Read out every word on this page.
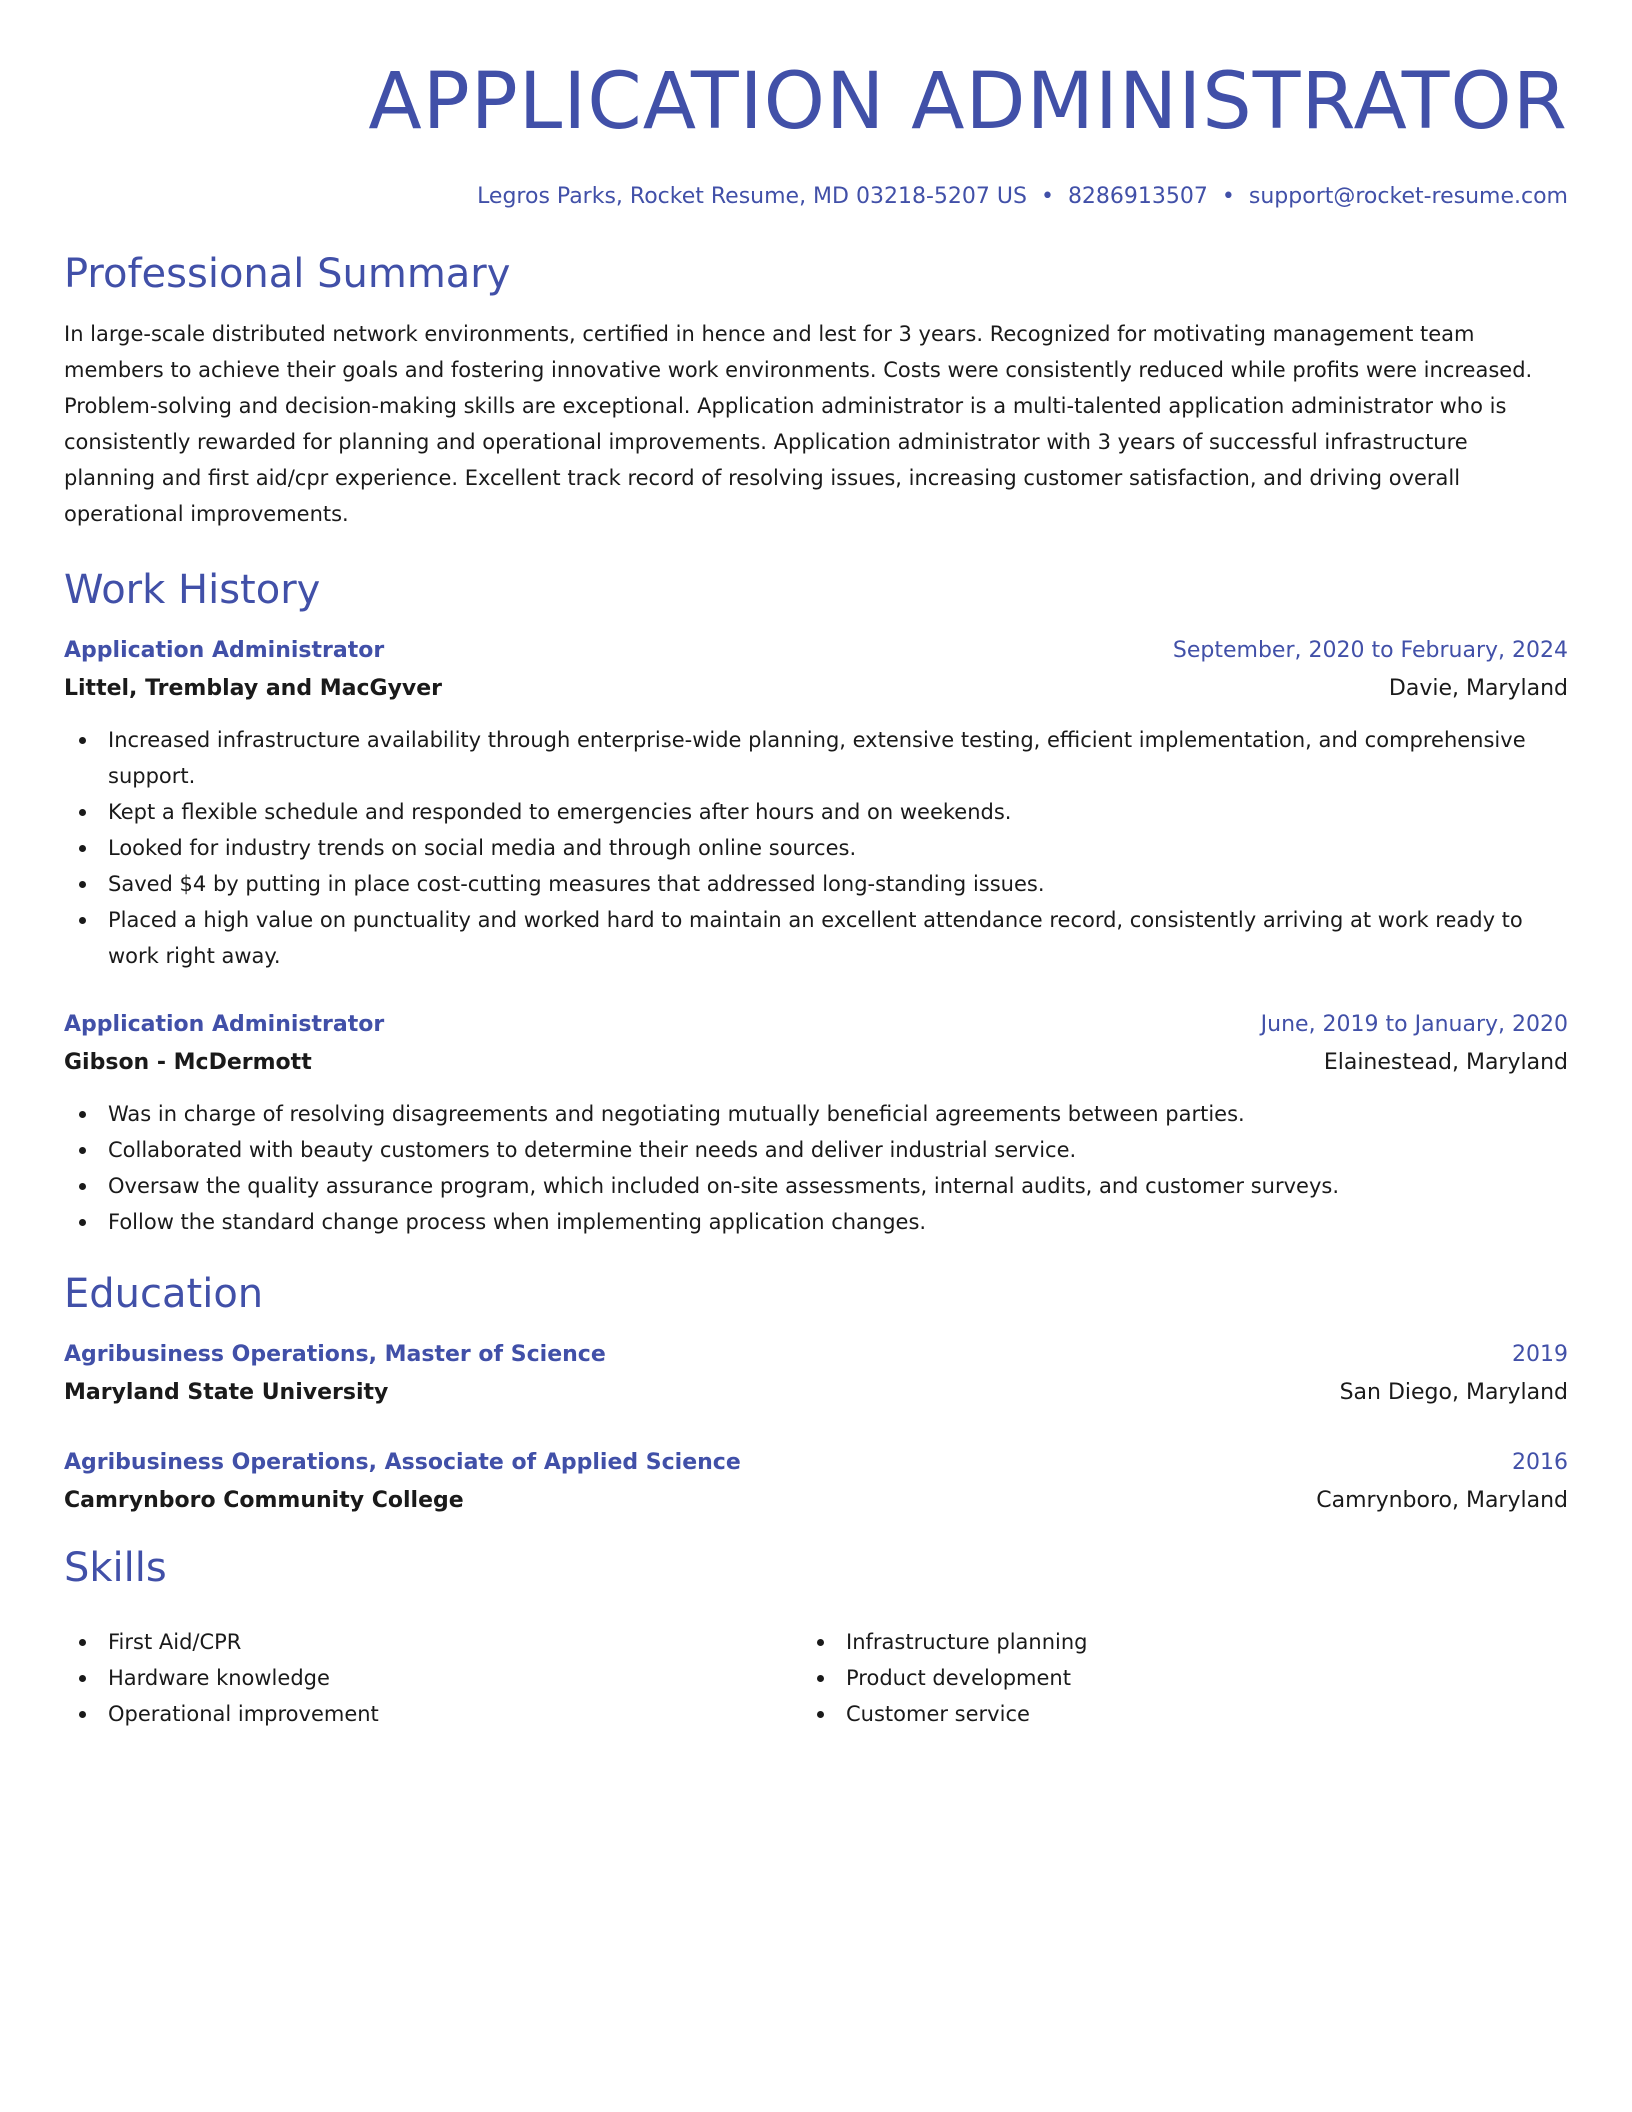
APPLICATION ADMINISTRATOR
Legros Parks, Rocket Resume, MD 03218-5207 US • 8286913507 • support@rocket-resume.com
Professional Summary

In large-scale distributed network environments, certified in hence and lest for 3 years. Recognized for motivating management team members to achieve their goals and fostering innovative work environments. Costs were consistently reduced while profits were increased. Problem-solving and decision-making skills are exceptional. Application administrator is a multi-talented application administrator who is consistently rewarded for planning and operational improvements. Application administrator with 3 years of successful infrastructure planning and first aid/cpr experience. Excellent track record of resolving issues, increasing customer satisfaction, and driving overall operational improvements.

Work History
Application Administrator	September, 2020 to February, 2024
Littel, Tremblay and MacGyver	Davie, Maryland
Increased infrastructure availability through enterprise-wide planning, extensive testing, efficient implementation, and comprehensive support.
Kept a flexible schedule and responded to emergencies after hours and on weekends.
Looked for industry trends on social media and through online sources.
Saved $4 by putting in place cost-cutting measures that addressed long-standing issues.
Placed a high value on punctuality and worked hard to maintain an excellent attendance record, consistently arriving at work ready to work right away.
Application Administrator	June, 2019 to January, 2020
Gibson - McDermott	Elainestead, Maryland
Was in charge of resolving disagreements and negotiating mutually beneficial agreements between parties.
Collaborated with beauty customers to determine their needs and deliver industrial service.
Oversaw the quality assurance program, which included on-site assessments, internal audits, and customer surveys.
Follow the standard change process when implementing application changes.
Education
Agribusiness Operations, Master of Science	2019
Maryland State University	San Diego, Maryland
Agribusiness Operations, Associate of Applied Science	2016
Camrynboro Community College	Camrynboro, Maryland
Skills
First Aid/CPR
Hardware knowledge
Operational improvement
Infrastructure planning
Product development
Customer service
